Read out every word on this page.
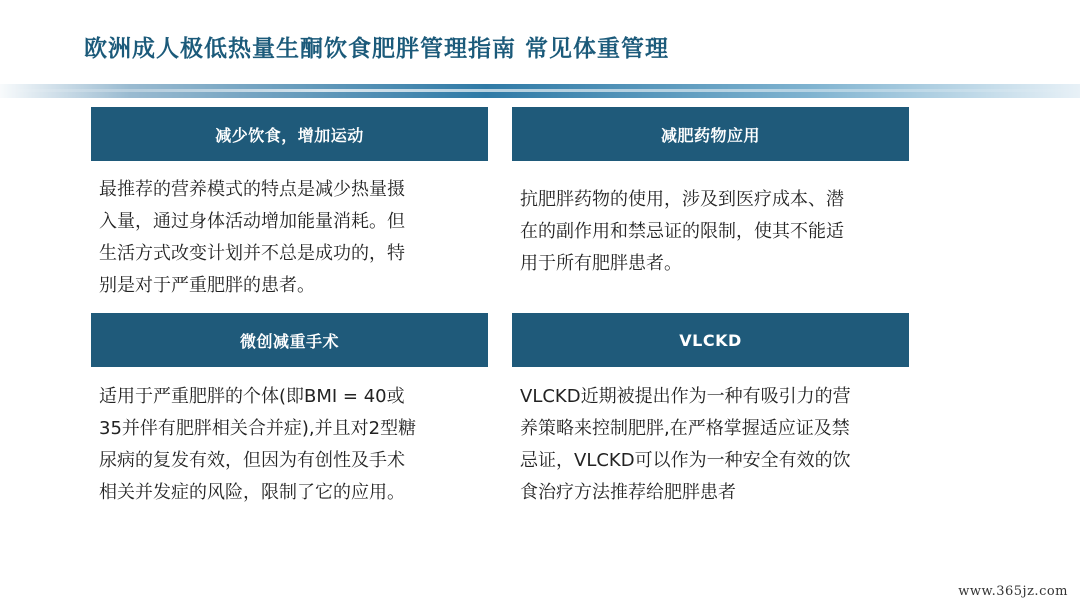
欧洲成人极低热量生酮饮食肥胖管理指南 常见体重管理
减少饮食，增加运动
最推荐的营养模式的特点是减少热量摄
入量，通过身体活动增加能量消耗。但
生活方式改变计划并不总是成功的，特
别是对于严重肥胖的患者。
减肥药物应用
抗肥胖药物的使用，涉及到医疗成本、潜
在的副作用和禁忌证的限制，使其不能适
用于所有肥胖患者。
微创减重手术
适用于严重肥胖的个体(即BMI = 40或
35并伴有肥胖相关合并症),并且对2型糖
尿病的复发有效，但因为有创性及手术
相关并发症的风险，限制了它的应用。
VLCKD
VLCKD近期被提出作为一种有吸引力的营
养策略来控制肥胖,在严格掌握适应证及禁
忌证，VLCKD可以作为一种安全有效的饮
食治疗方法推荐给肥胖患者
www.365jz.com
